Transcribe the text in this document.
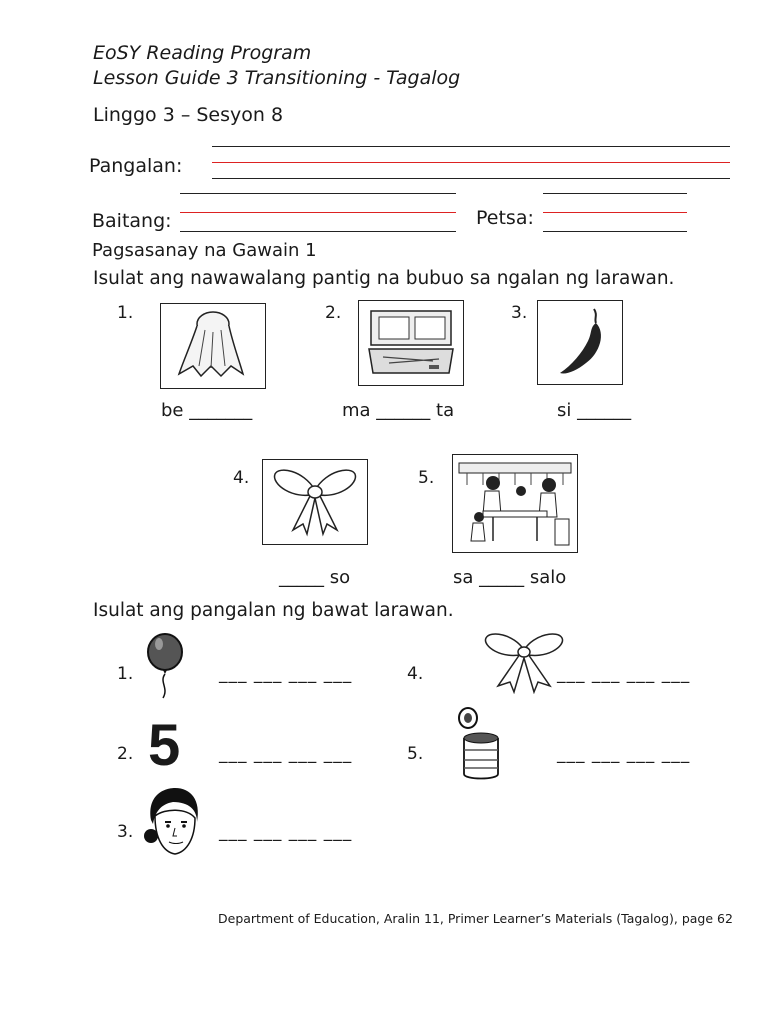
EoSY Reading Program
Lesson Guide 3 Transitioning - Tagalog
Linggo 3 – Sesyon 8
Pangalan:
Baitang:	Petsa:
Pagsasanay na Gawain 1
Isulat ang nawawalang pantig na bubuo sa ngalan ng larawan.
1.
be _______
2.
ma ______ ta
3.
si ______
4.
_____ so
5.
sa _____ salo
Isulat ang pangalan ng bawat larawan.
1.	___ ___ ___ ___
2. 5 ___ ___ ___ ___
3.	___ ___ ___ ___
4.	___ ___ ___ ___
5.	___ ___ ___ ___
Department of Education, Aralin 11, Primer Learner’s Materials (Tagalog), page 62
